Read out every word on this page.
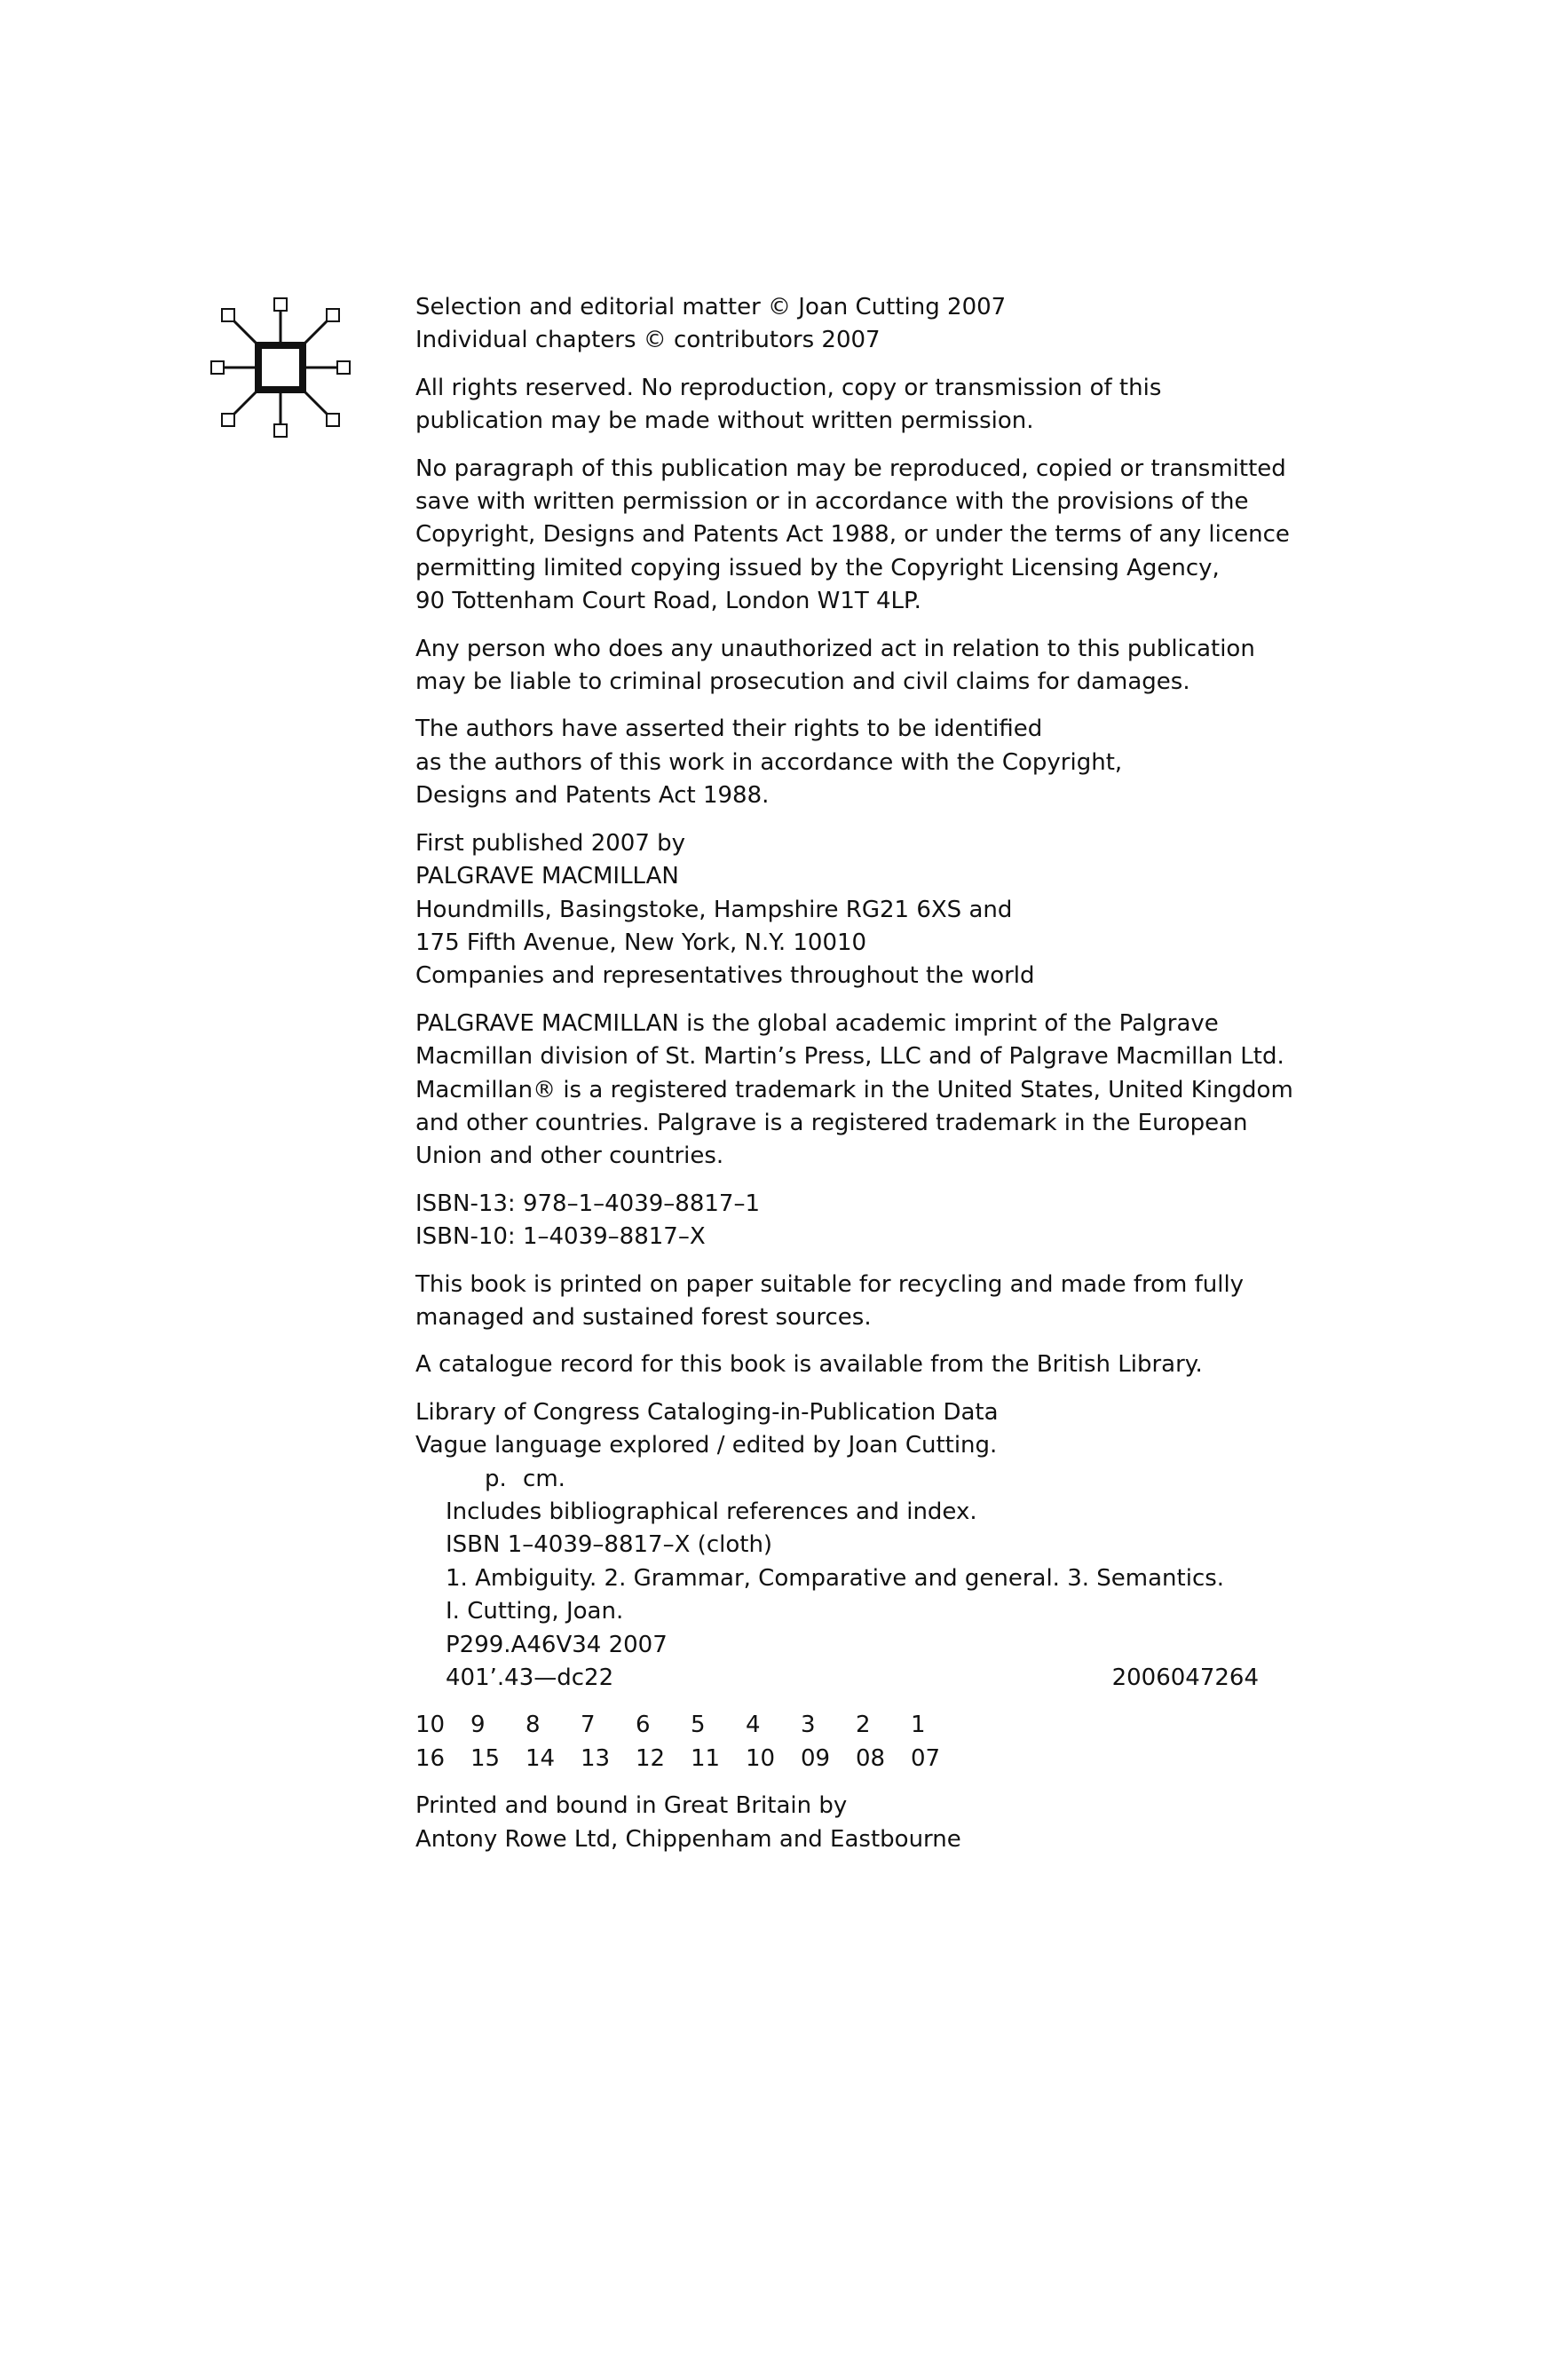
Selection and editorial matter © Joan Cutting 2007
Individual chapters © contributors 2007

All rights reserved. No reproduction, copy or transmission of this
publication may be made without written permission.

No paragraph of this publication may be reproduced, copied or transmitted
save with written permission or in accordance with the provisions of the
Copyright, Designs and Patents Act 1988, or under the terms of any licence
permitting limited copying issued by the Copyright Licensing Agency,
90 Tottenham Court Road, London W1T 4LP.

Any person who does any unauthorized act in relation to this publication
may be liable to criminal prosecution and civil claims for damages.

The authors have asserted their rights to be identified
as the authors of this work in accordance with the Copyright,
Designs and Patents Act 1988.

First published 2007 by
PALGRAVE MACMILLAN
Houndmills, Basingstoke, Hampshire RG21 6XS and
175 Fifth Avenue, New York, N.Y. 10010
Companies and representatives throughout the world

PALGRAVE MACMILLAN is the global academic imprint of the Palgrave
Macmillan division of St. Martin’s Press, LLC and of Palgrave Macmillan Ltd.
Macmillan® is a registered trademark in the United States, United Kingdom
and other countries. Palgrave is a registered trademark in the European
Union and other countries.

ISBN-13: 978–1–4039–8817–1
ISBN-10: 1–4039–8817–X

This book is printed on paper suitable for recycling and made from fully
managed and sustained forest sources.

A catalogue record for this book is available from the British Library.

Library of Congress Cataloging-in-Publication Data
Vague language explored / edited by Joan Cutting.
p. cm.
Includes bibliographical references and index.
ISBN 1–4039–8817–X (cloth)
1. Ambiguity. 2. Grammar, Comparative and general. 3. Semantics.
I. Cutting, Joan.
P299.A46V34 2007
401’.43—dc22	2006047264

10	9	8	7	6	5	4	3	2	1
16	15	14	13	12	11	10	09	08	07

Printed and bound in Great Britain by
Antony Rowe Ltd, Chippenham and Eastbourne
